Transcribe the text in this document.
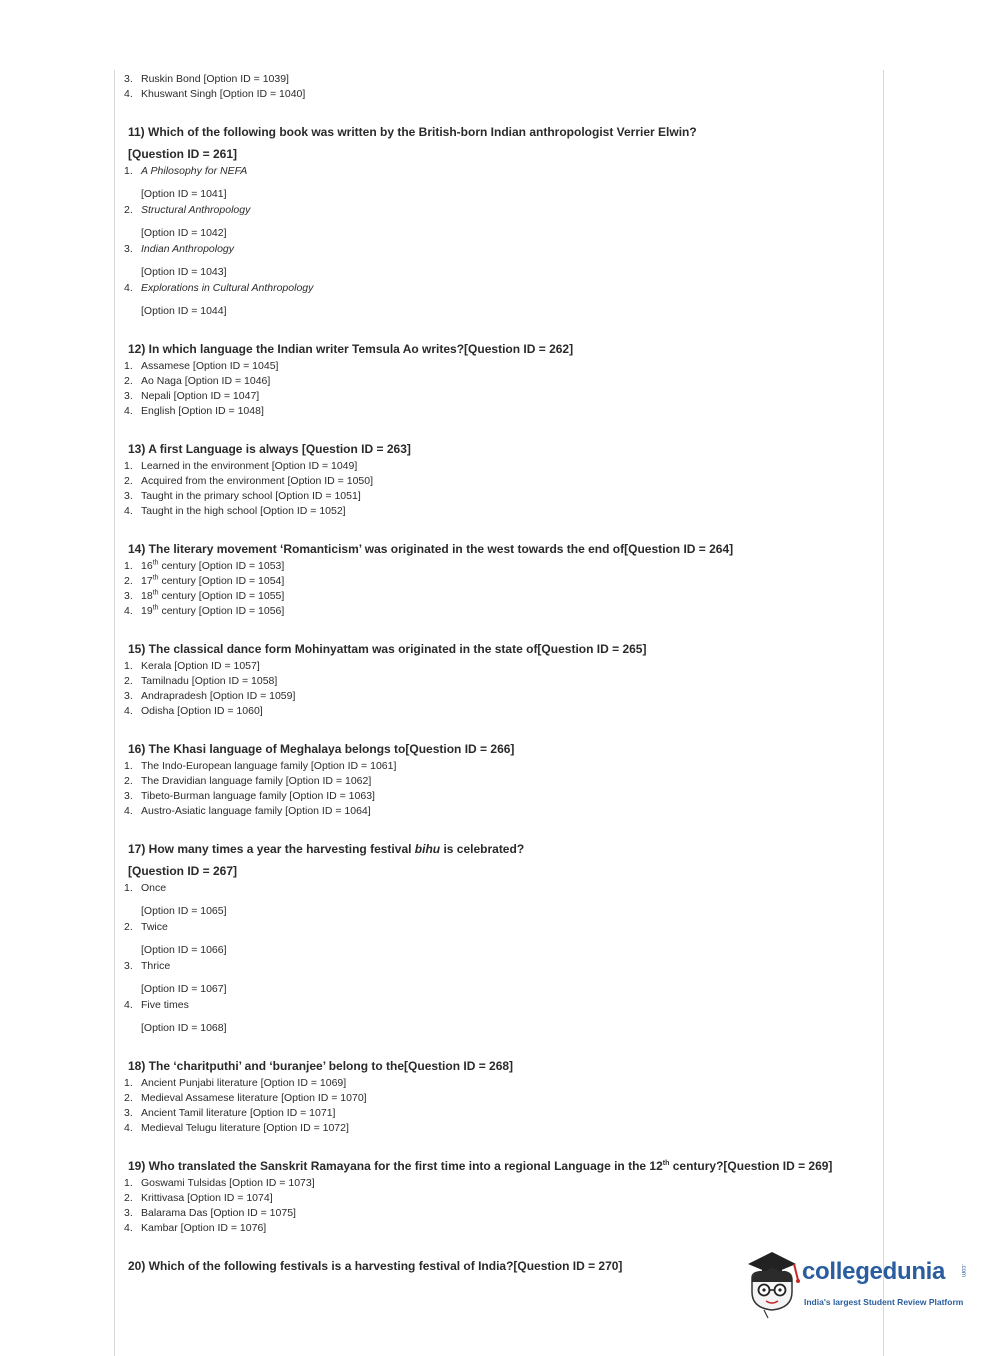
3. Ruskin Bond [Option ID = 1039]
4. Khuswant Singh [Option ID = 1040]
11) Which of the following book was written by the British-born Indian anthropologist Verrier Elwin?
[Question ID = 261]
1. A Philosophy for NEFA
[Option ID = 1041]
2. Structural Anthropology
[Option ID = 1042]
3. Indian Anthropology
[Option ID = 1043]
4. Explorations in Cultural Anthropology
[Option ID = 1044]
12) In which language the Indian writer Temsula Ao writes?[Question ID = 262]
1. Assamese [Option ID = 1045]
2. Ao Naga [Option ID = 1046]
3. Nepali [Option ID = 1047]
4. English [Option ID = 1048]
13) A first Language is always [Question ID = 263]
1. Learned in the environment [Option ID = 1049]
2. Acquired from the environment [Option ID = 1050]
3. Taught in the primary school [Option ID = 1051]
4. Taught in the high school [Option ID = 1052]
14) The literary movement ‘Romanticism’ was originated in the west towards the end of[Question ID = 264]
1. 16th century [Option ID = 1053]
2. 17th century [Option ID = 1054]
3. 18th century [Option ID = 1055]
4. 19th century [Option ID = 1056]
15) The classical dance form Mohinyattam was originated in the state of[Question ID = 265]
1. Kerala [Option ID = 1057]
2. Tamilnadu [Option ID = 1058]
3. Andrapradesh [Option ID = 1059]
4. Odisha [Option ID = 1060]
16) The Khasi language of Meghalaya belongs to[Question ID = 266]
1. The Indo-European language family [Option ID = 1061]
2. The Dravidian language family [Option ID = 1062]
3. Tibeto-Burman language family [Option ID = 1063]
4. Austro-Asiatic language family [Option ID = 1064]
17) How many times a year the harvesting festival bihu is celebrated?
[Question ID = 267]
1. Once
[Option ID = 1065]
2. Twice
[Option ID = 1066]
3. Thrice
[Option ID = 1067]
4. Five times
[Option ID = 1068]
18) The ‘charitputhi’ and ‘buranjee’ belong to the[Question ID = 268]
1. Ancient Punjabi literature [Option ID = 1069]
2. Medieval Assamese literature [Option ID = 1070]
3. Ancient Tamil literature [Option ID = 1071]
4. Medieval Telugu literature [Option ID = 1072]
19) Who translated the Sanskrit Ramayana for the first time into a regional Language in the 12th century?[Question ID = 269]
1. Goswami Tulsidas [Option ID = 1073]
2. Krittivasa [Option ID = 1074]
3. Balarama Das [Option ID = 1075]
4. Kambar [Option ID = 1076]
20) Which of the following festivals is a harvesting festival of India?[Question ID = 270]	collegedunia .com
India's largest Student Review Platform
